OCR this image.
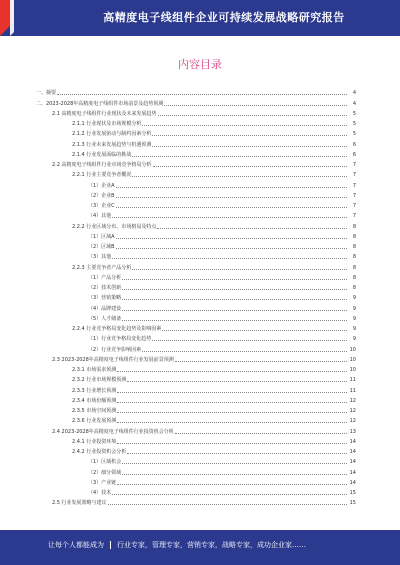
高精度电子线组件企业可持续发展战略研究报告
内容目录
一、摘要	4
二、2023-2028年高精度电子线组件市场前景及趋势预测	4
2.1 高精度电子线组件行业现状及未来发展趋势	5
2.1.1 行业现状及市场规模分析	5
2.1.2 行业发展驱动与制约因素分析	5
2.1.3 行业未来发展趋势与机遇预测	6
2.1.4 行业发展面临的挑战	6
2.2 高精度电子线组件行业市场竞争格局分析	7
2.2.1 行业主要竞争者概况	7
（1）企业A	7
（2）企业B	7
（3）企业C	7
（4）其他	7
2.2.2 行业区域分布、市场格局及特点	8
（1）区域A	8
（2）区域B	8
（3）其他	8
2.2.3 主要竞争者产品分析	8
（1）产品分析	8
（2）技术创新	8
（3）营销策略	9
（4）品牌建设	9
（5）人才储备	9
2.2.4 行业竞争格局变化趋势及影响因素	9
（1）行业竞争格局变化趋势	9
（2）行业竞争影响因素	10
2.3 2023-2028年高精度电子线组件行业发展前景预测	10
2.3.1 市场需求预测	10
2.3.2 行业市场规模预测	11
2.3.3 行业增长预测	11
2.3.4 市场份额预测	12
2.3.5 市场空间预测	12
2.3.6 行业发展预测	12
2.4 2023-2028年高精度电子线组件行业投资机会分析	13
2.4.1 行业投资环境	14
2.4.2 行业投资机会分析	14
（1）区域机会	14
（2）细分领域	14
（3）产业链	14
（4）技术	15
2.5 行业发展策略与建议	15
让每个人都能成为 行业专家，管理专家，营销专家，战略专家，成功企业家……
